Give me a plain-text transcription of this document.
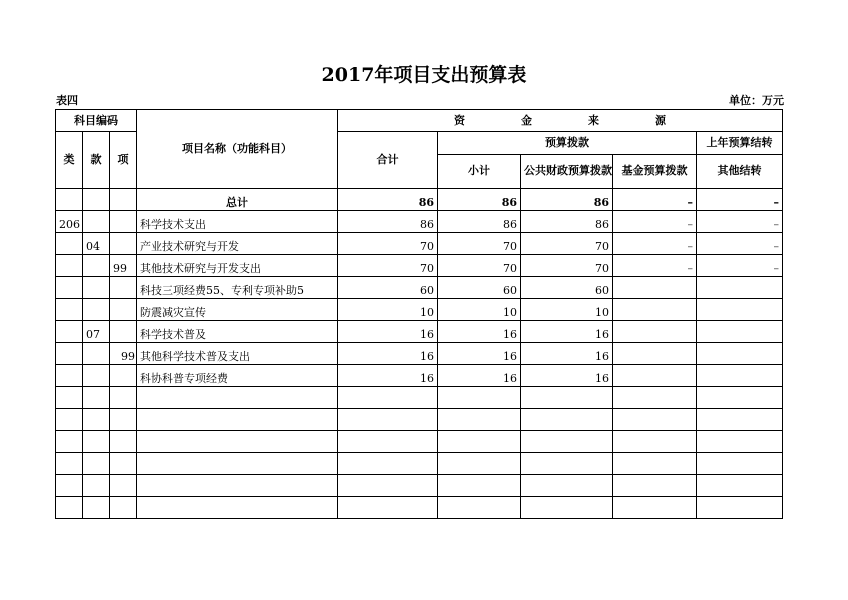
2017年项目支出预算表
表四	单位：万元
科目编码			项目名称（功能科目）	资 金 来 源				
类	款	项		合计	预算拨款			上年预算结转
					小计	公共财政预算拨款	基金预算拨款	其他结转
			总计	86	86	86	–	–
206			科学技术支出	86	86	86	–	–
	04		产业技术研究与开发	70	70	70	–	–
		99	其他技术研究与开发支出	70	70	70	–	–
			科技三项经费55、专利专项补助5	60	60	60		
			防震减灾宣传	10	10	10		
	07		科学技术普及	16	16	16		
		99	其他科学技术普及支出	16	16	16		
			科协科普专项经费	16	16	16		
